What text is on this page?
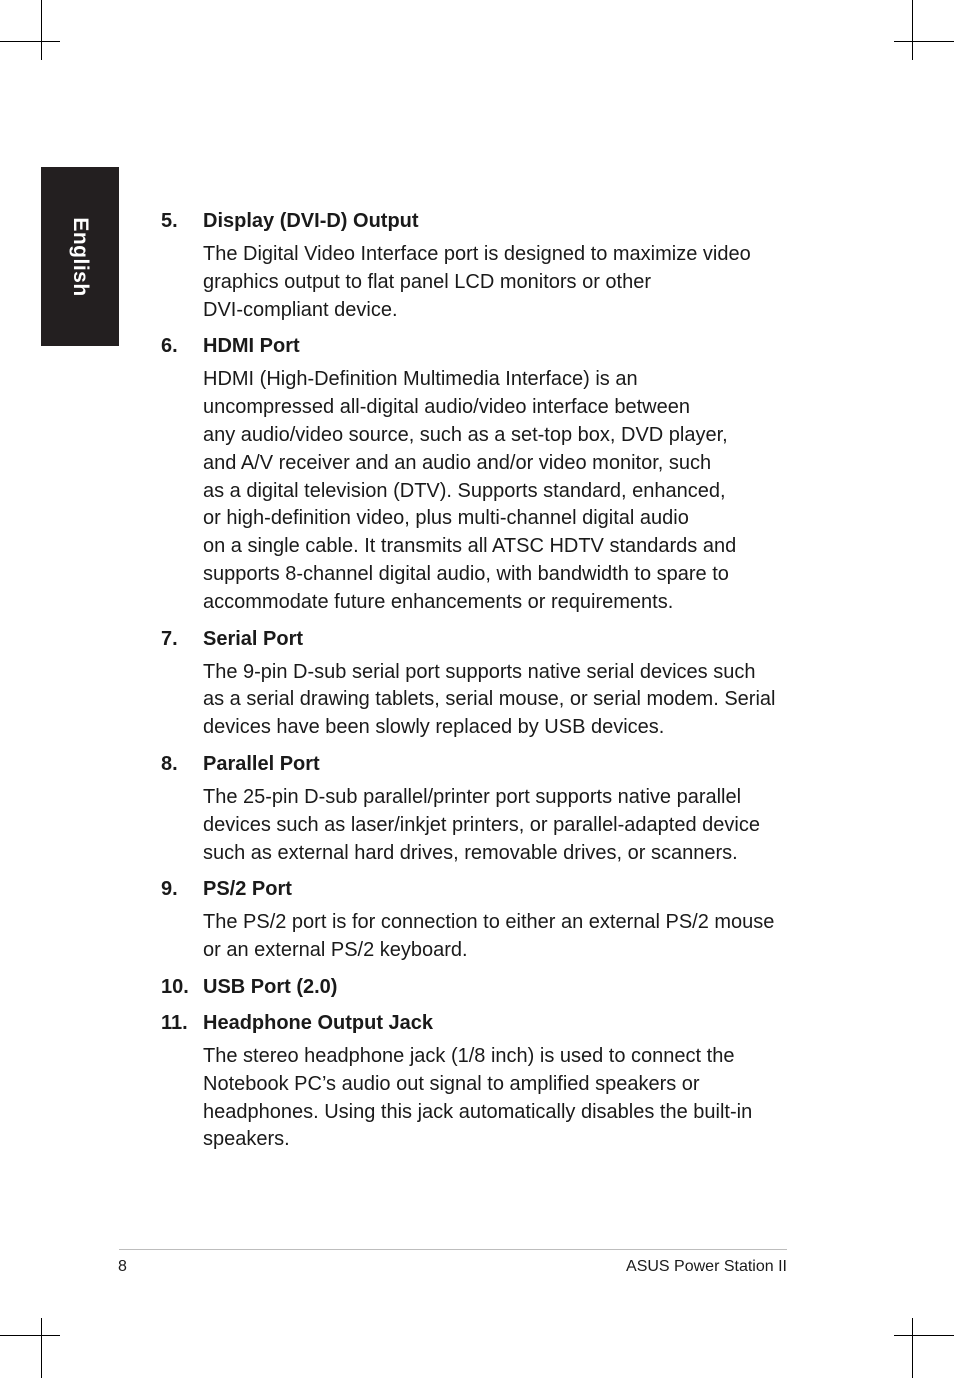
English	5.	Display (DVI-D) Output
The Digital Video Interface port is designed to maximize video
graphics output to flat panel LCD monitors or other
DVI-compliant device.
6.	HDMI Port
HDMI (High-Definition Multimedia Interface) is an
uncompressed all-digital audio/video interface between
any audio/video source, such as a set-top box, DVD player,
and A/V receiver and an audio and/or video monitor, such
as a digital television (DTV). Supports standard, enhanced,
or high-definition video, plus multi-channel digital audio
on a single cable. It transmits all ATSC HDTV standards and
supports 8-channel digital audio, with bandwidth to spare to
accommodate future enhancements or requirements.
7.	Serial Port
The 9-pin D-sub serial port supports native serial devices such
as a serial drawing tablets, serial mouse, or serial modem. Serial
devices have been slowly replaced by USB devices.
8.	Parallel Port
The 25-pin D-sub parallel/printer port supports native parallel
devices such as laser/inkjet printers, or parallel-adapted device
such as external hard drives, removable drives, or scanners.
9.	PS/2 Port
The PS/2 port is for connection to either an external PS/2 mouse
or an external PS/2 keyboard.
10. USB Port (2.0)
11. Headphone Output Jack
The stereo headphone jack (1/8 inch) is used to connect the
Notebook PC’s audio out signal to amplified speakers or
headphones. Using this jack automatically disables the built-in
speakers.
8	ASUS Power Station II
